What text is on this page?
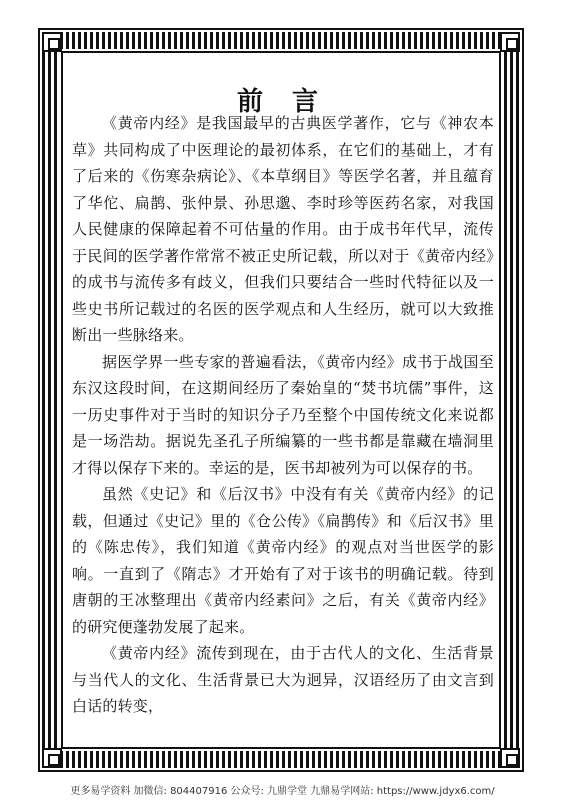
前 言

《黄帝内经》是我国最早的古典医学著作，它与《神农本草》共同构成了中医理论的最初体系，在它们的基础上，才有了后来的《伤寒杂病论》、《本草纲目》等医学名著，并且蕴育了华佗、扁鹊、张仲景、孙思邈、李时珍等医药名家，对我国人民健康的保障起着不可估量的作用。由于成书年代早，流传于民间的医学著作常常不被正史所记载，所以对于《黄帝内经》的成书与流传多有歧义，但我们只要结合一些时代特征以及一些史书所记载过的名医的医学观点和人生经历，就可以大致推断出一些脉络来。

据医学界一些专家的普遍看法，《黄帝内经》成书于战国至东汉这段时间，在这期间经历了秦始皇的“焚书坑儒”事件，这一历史事件对于当时的知识分子乃至整个中国传统文化来说都是一场浩劫。据说先圣孔子所编纂的一些书都是靠藏在墙洞里才得以保存下来的。幸运的是，医书却被列为可以保存的书。

虽然《史记》和《后汉书》中没有有关《黄帝内经》的记载，但通过《史记》里的《仓公传》《扁鹊传》和《后汉书》里的《陈忠传》，我们知道《黄帝内经》的观点对当世医学的影响。一直到了《隋志》才开始有了对于该书的明确记载。待到唐朝的王冰整理出《黄帝内经素问》之后，有关《黄帝内经》的研究便蓬勃发展了起来。

《黄帝内经》流传到现在，由于古代人的文化、生活背景与当代人的文化、生活背景已大为迥异，汉语经历了由文言到白话的转变，

更多易学资料 加微信: 804407916 公众号: 九鼎学堂 九鼎易学网站: https://www.jdyx6.com/
